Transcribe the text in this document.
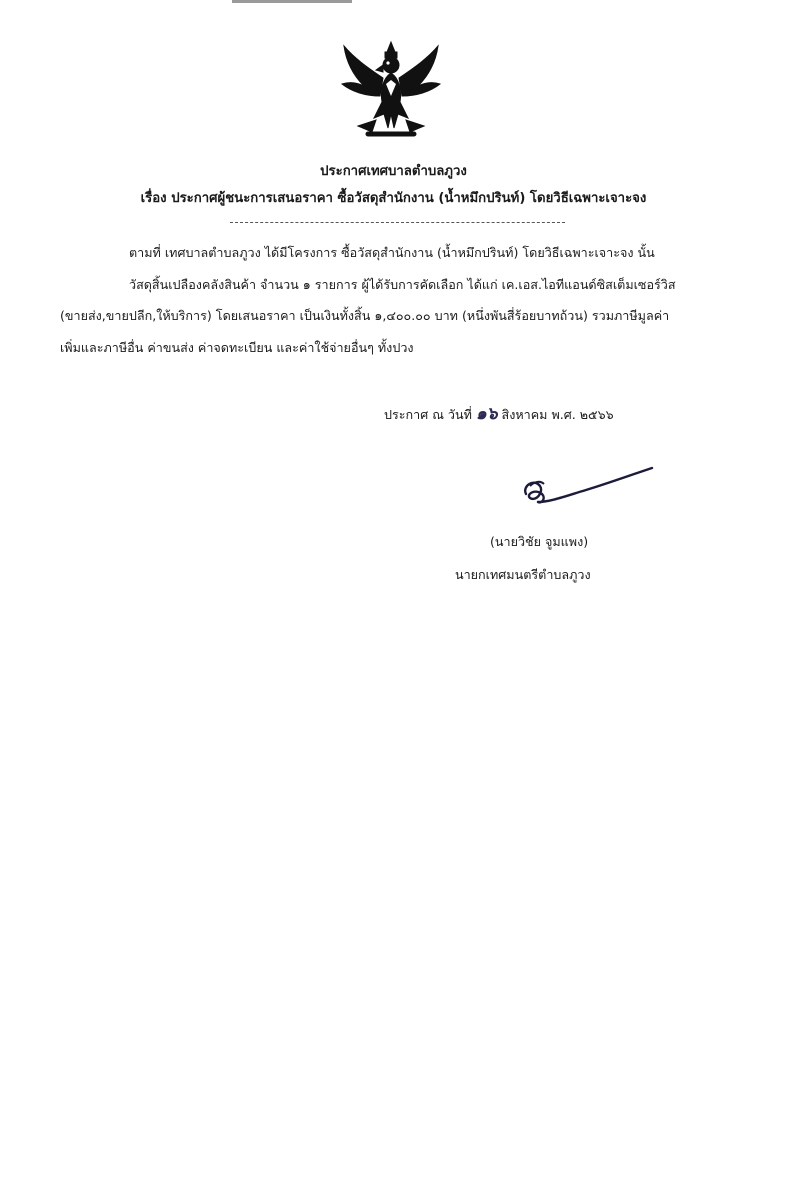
ประกาศเทศบาลตำบลภูวง
เรื่อง ประกาศผู้ชนะการเสนอราคา ซื้อวัสดุสำนักงาน (น้ำหมึกปรินท์) โดยวิธีเฉพาะเจาะจง
ตามที่ เทศบาลตำบลภูวง ได้มีโครงการ ซื้อวัสดุสำนักงาน (น้ำหมึกปรินท์) โดยวิธีเฉพาะเจาะจง นั้น
วัสดุสิ้นเปลืองคลังสินค้า จำนวน ๑ รายการ ผู้ได้รับการคัดเลือก ได้แก่ เค.เอส.ไอทีแอนด์ซิสเต็มเซอร์วิส
(ขายส่ง,ขายปลีก,ให้บริการ) โดยเสนอราคา เป็นเงินทั้งสิ้น ๑,๔๐๐.๐๐ บาท (หนึ่งพันสี่ร้อยบาทถ้วน) รวมภาษีมูลค่า
เพิ่มและภาษีอื่น ค่าขนส่ง ค่าจดทะเบียน และค่าใช้จ่ายอื่นๆ ทั้งปวง
ประกาศ ณ วันที่ ๑๖ สิงหาคม พ.ศ. ๒๕๖๖
(นายวิชัย จูมแพง)
นายกเทศมนตรีตำบลภูวง
